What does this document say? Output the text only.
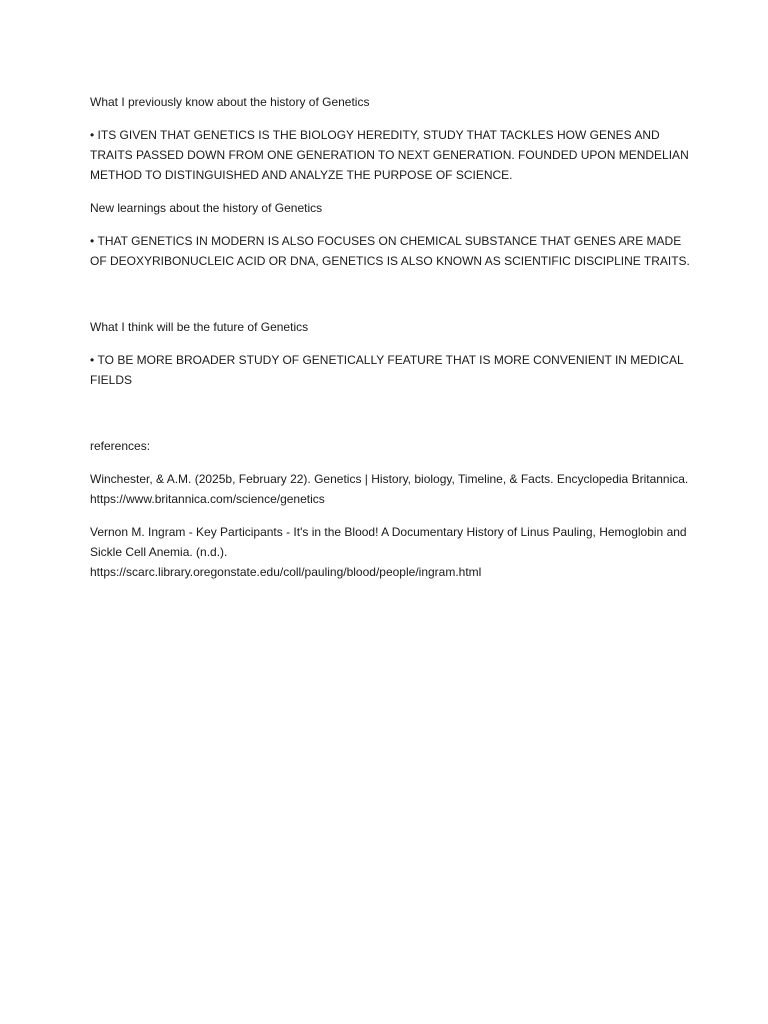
What I previously know about the history of Genetics

• ITS GIVEN THAT GENETICS IS THE BIOLOGY HEREDITY, STUDY THAT TACKLES HOW GENES AND TRAITS PASSED DOWN FROM ONE GENERATION TO NEXT GENERATION. FOUNDED UPON MENDELIAN METHOD TO DISTINGUISHED AND ANALYZE THE PURPOSE OF SCIENCE.

New learnings about the history of Genetics

• THAT GENETICS IN MODERN IS ALSO FOCUSES ON CHEMICAL SUBSTANCE THAT GENES ARE MADE OF DEOXYRIBONUCLEIC ACID OR DNA, GENETICS IS ALSO KNOWN AS SCIENTIFIC DISCIPLINE TRAITS.

What I think will be the future of Genetics

• TO BE MORE BROADER STUDY OF GENETICALLY FEATURE THAT IS MORE CONVENIENT IN MEDICAL FIELDS

references:

Winchester, & A.M. (2025b, February 22). Genetics | History, biology, Timeline, & Facts. Encyclopedia Britannica. https://www.britannica.com/science/genetics

Vernon M. Ingram - Key Participants - It's in the Blood! A Documentary History of Linus Pauling, Hemoglobin and Sickle Cell Anemia. (n.d.).
https://scarc.library.oregonstate.edu/coll/pauling/blood/people/ingram.html
